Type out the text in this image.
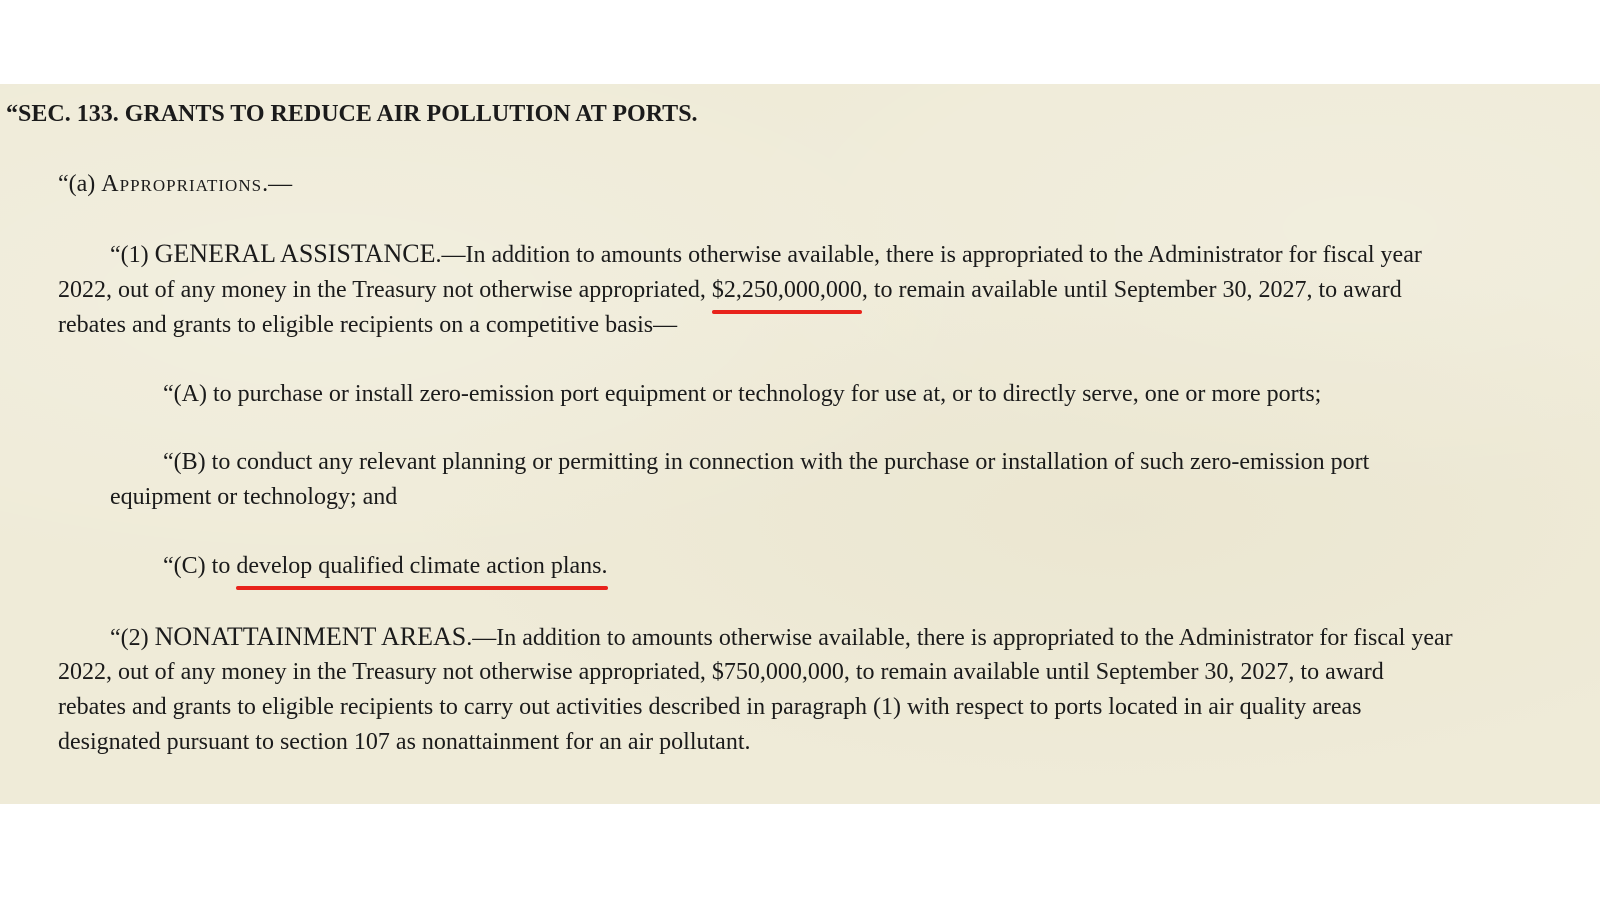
“SEC. 133. GRANTS TO REDUCE AIR POLLUTION AT PORTS.
“(a) Appropriations.—
“(1) GENERAL ASSISTANCE.—In addition to amounts otherwise available, there is appropriated to the Administrator for fiscal year
2022, out of any money in the Treasury not otherwise appropriated, $2,250,000,000, to remain available until September 30, 2027, to award
rebates and grants to eligible recipients on a competitive basis—
“(A) to purchase or install zero-emission port equipment or technology for use at, or to directly serve, one or more ports;
“(B) to conduct any relevant planning or permitting in connection with the purchase or installation of such zero-emission port
equipment or technology; and
“(C) to develop qualified climate action plans.
“(2) NONATTAINMENT AREAS.—In addition to amounts otherwise available, there is appropriated to the Administrator for fiscal year
2022, out of any money in the Treasury not otherwise appropriated, $750,000,000, to remain available until September 30, 2027, to award
rebates and grants to eligible recipients to carry out activities described in paragraph (1) with respect to ports located in air quality areas
designated pursuant to section 107 as nonattainment for an air pollutant.
